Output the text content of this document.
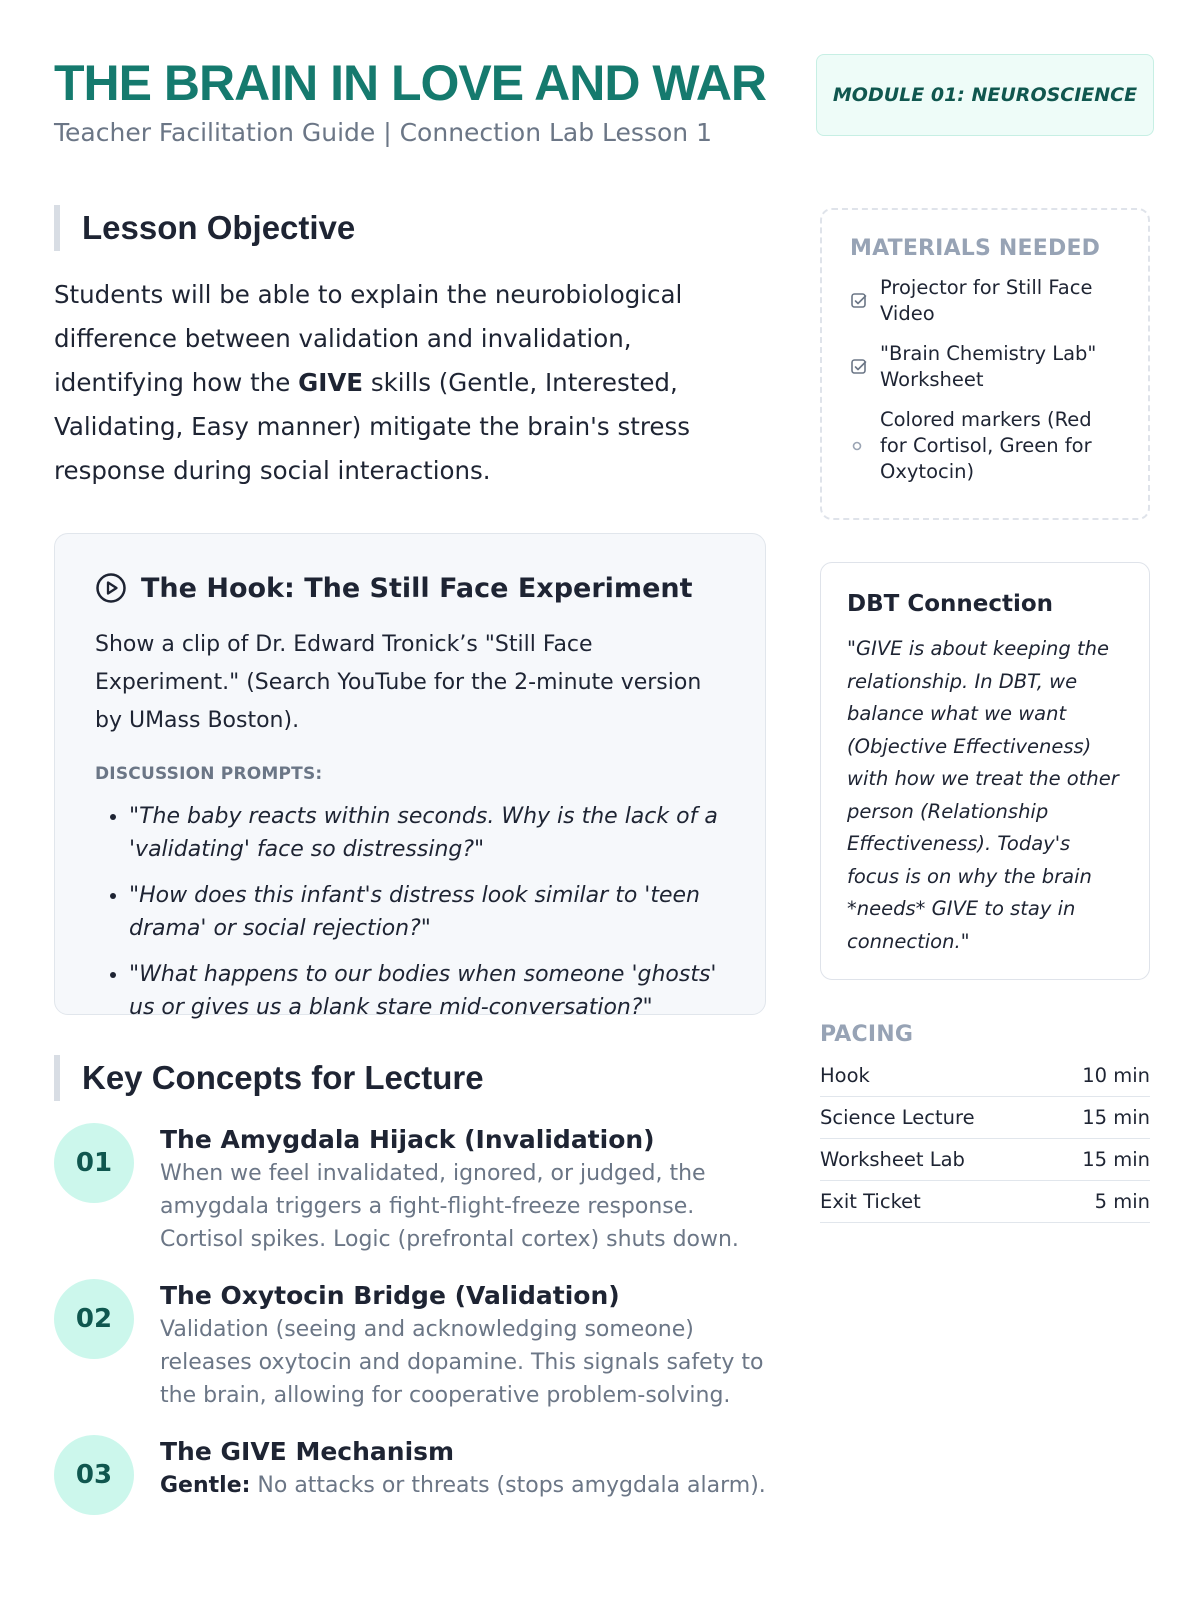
THE BRAIN IN LOVE AND WAR
Teacher Facilitation Guide | Connection Lab Lesson 1
MODULE 01: NEUROSCIENCE
Lesson Objective

Students will be able to explain the neurobiological difference between validation and invalidation, identifying how the GIVE skills (Gentle, Interested, Validating, Easy manner) mitigate the brain's stress response during social interactions.

The Hook: The Still Face Experiment
Show a clip of Dr. Edward Tronick’s "Still Face Experiment." (Search YouTube for the 2-minute version by UMass Boston).
DISCUSSION PROMPTS:
• "The baby reacts within seconds. Why is the lack of a 'validating' face so distressing?"
• "How does this infant's distress look similar to 'teen drama' or social rejection?"
• "What happens to our bodies when someone 'ghosts' us or gives us a blank stare mid-conversation?"
Key Concepts for Lecture
01
The Amygdala Hijack (Invalidation)
When we feel invalidated, ignored, or judged, the amygdala triggers a fight-flight-freeze response. Cortisol spikes. Logic (prefrontal cortex) shuts down.
02
The Oxytocin Bridge (Validation)
Validation (seeing and acknowledging someone) releases oxytocin and dopamine. This signals safety to the brain, allowing for cooperative problem-solving.
03
The GIVE Mechanism
Gentle: No attacks or threats (stops amygdala alarm).
MATERIALS NEEDED
Projector for Still Face Video
"Brain Chemistry Lab" Worksheet
Colored markers (Red for Cortisol, Green for Oxytocin)
DBT Connection
"GIVE is about keeping the relationship. In DBT, we balance what we want (Objective Effectiveness) with how we treat the other person (Relationship Effectiveness). Today's focus is on why the brain *needs* GIVE to stay in connection."
PACING
Hook	10 min
Science Lecture	15 min
Worksheet Lab	15 min
Exit Ticket	5 min
